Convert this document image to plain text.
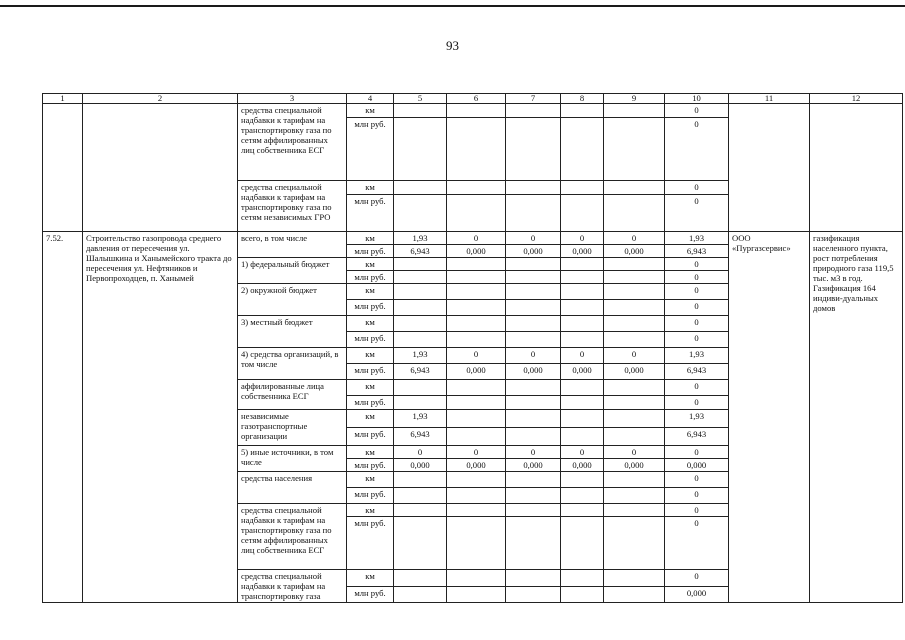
93
1	2	3	4	5	6	7	8	9	10	11	12
		средства специальной надбавки к тарифам на транспортировку газа по сетям аффилированных лиц собственника ЕСГ	км						0		
			млн руб.						0		
		средства специальной надбавки к тарифам на транспортировку газа по сетям независимых ГРО	км						0		
			млн руб.						0		
7.52.	Строительство газопровода среднего давления от пересечения ул. Шалышкина и Ханымейского тракта до пересечения ул. Нефтяников и Первопроходцев, п. Ханымей	всего, в том числе	км	1,93	0	0	0	0	1,93	ООО «Пургазсервис»	газификация населенного пункта, рост потребления природного газа 119,5 тыс. м3 в год. Газификация 164 индиви-дуальных домов
			млн руб.	6,943	0,000	0,000	0,000	0,000	6,943		
		1) федеральный бюджет	км						0		
			млн руб.						0		
		2) окружной бюджет	км						0		
			млн руб.						0		
		3) местный бюджет	км						0		
			млн руб.						0		
		4) средства организаций, в том числе	км	1,93	0	0	0	0	1,93		
			млн руб.	6,943	0,000	0,000	0,000	0,000	6,943		
		аффилированные лица собственника ЕСГ	км						0		
			млн руб.						0		
		независимые газотранспортные организации	км	1,93					1,93		
			млн руб.	6,943					6,943		
		5) иные источники, в том числе	км	0	0	0	0	0	0		
			млн руб.	0,000	0,000	0,000	0,000	0,000	0,000		
		средства населения	км						0		
			млн руб.						0		
		средства специальной надбавки к тарифам на транспортировку газа по сетям аффилированных лиц собственника ЕСГ	км						0		
			млн руб.						0		
		средства специальной надбавки к тарифам на транспортировку газа	км						0		
			млн руб.						0,000		
